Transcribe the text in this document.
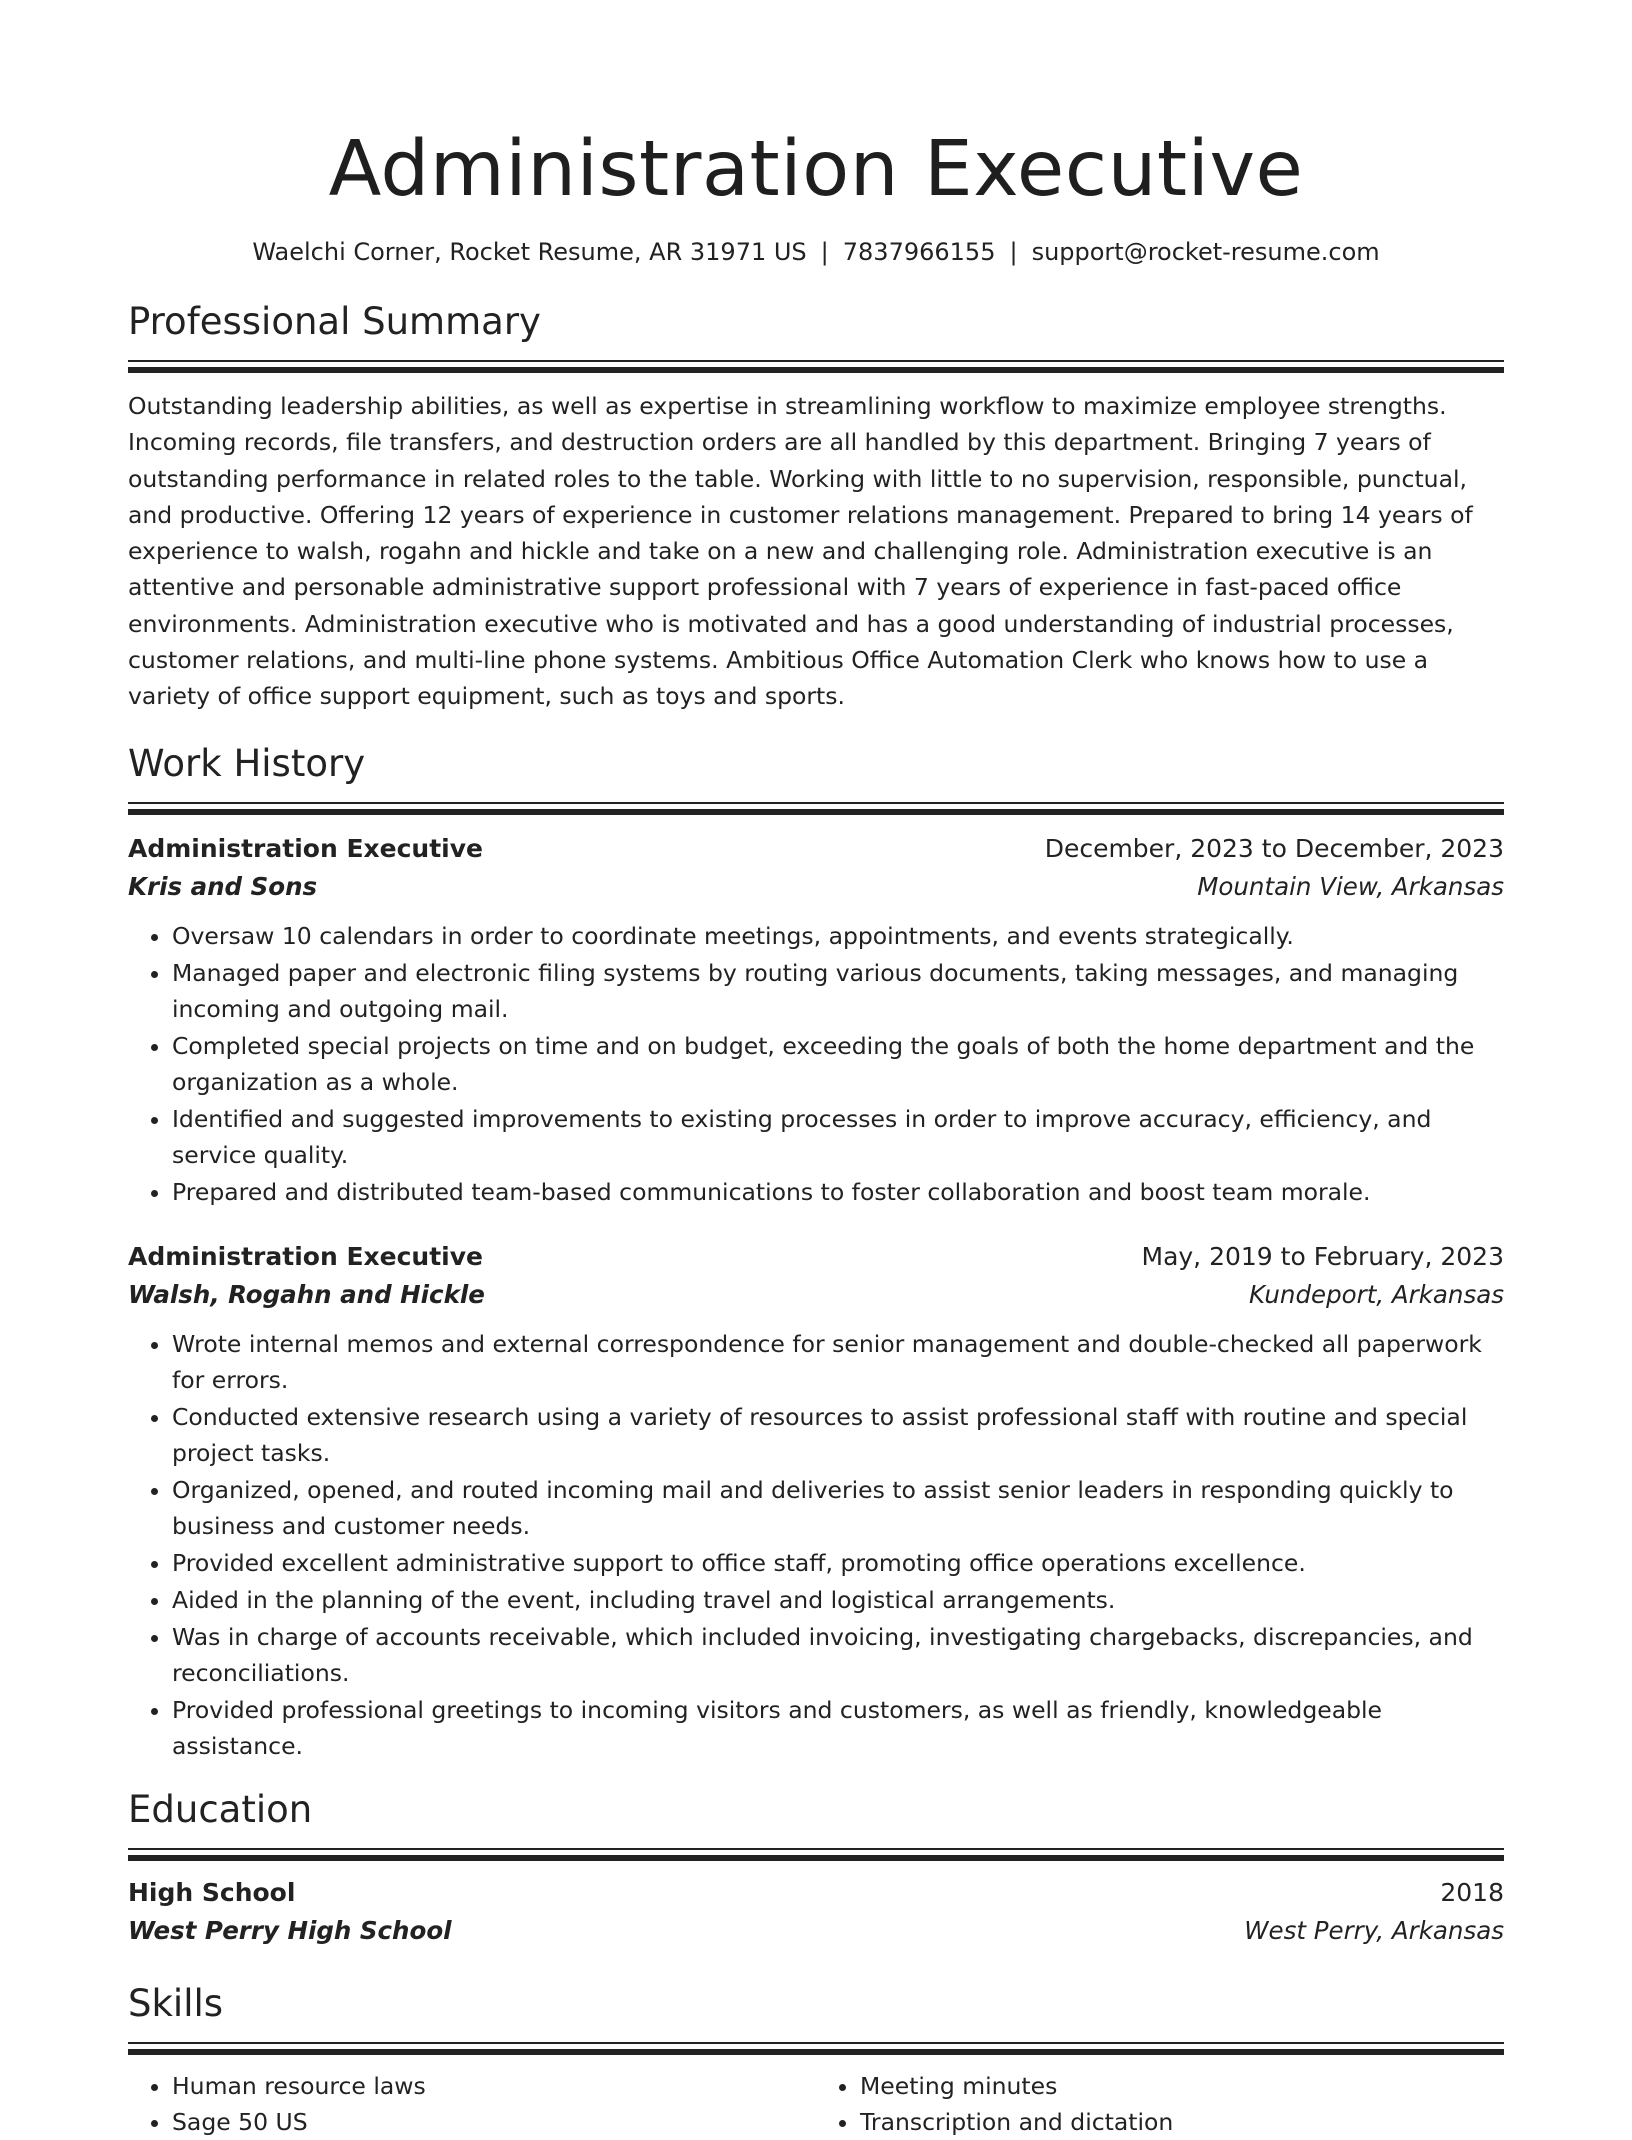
Administration Executive
Waelchi Corner, Rocket Resume, AR 31971 US | 7837966155 | support@rocket-resume.com
Professional Summary
Outstanding leadership abilities, as well as expertise in streamlining workflow to maximize employee strengths. Incoming records, file transfers, and destruction orders are all handled by this department. Bringing 7 years of outstanding performance in related roles to the table. Working with little to no supervision, responsible, punctual, and productive. Offering 12 years of experience in customer relations management. Prepared to bring 14 years of experience to walsh, rogahn and hickle and take on a new and challenging role. Administration executive is an attentive and personable administrative support professional with 7 years of experience in fast-paced office environments. Administration executive who is motivated and has a good understanding of industrial processes, customer relations, and multi-line phone systems. Ambitious Office Automation Clerk who knows how to use a variety of office support equipment, such as toys and sports.
Work History
Administration Executive	December, 2023 to December, 2023
Kris and Sons	Mountain View, Arkansas
• Oversaw 10 calendars in order to coordinate meetings, appointments, and events strategically.
• Managed paper and electronic filing systems by routing various documents, taking messages, and managing incoming and outgoing mail.
• Completed special projects on time and on budget, exceeding the goals of both the home department and the organization as a whole.
• Identified and suggested improvements to existing processes in order to improve accuracy, efficiency, and service quality.
• Prepared and distributed team-based communications to foster collaboration and boost team morale.
Administration Executive	May, 2019 to February, 2023
Walsh, Rogahn and Hickle	Kundeport, Arkansas
• Wrote internal memos and external correspondence for senior management and double-checked all paperwork for errors.
• Conducted extensive research using a variety of resources to assist professional staff with routine and special project tasks.
• Organized, opened, and routed incoming mail and deliveries to assist senior leaders in responding quickly to business and customer needs.
• Provided excellent administrative support to office staff, promoting office operations excellence.
• Aided in the planning of the event, including travel and logistical arrangements.
• Was in charge of accounts receivable, which included invoicing, investigating chargebacks, discrepancies, and reconciliations.
• Provided professional greetings to incoming visitors and customers, as well as friendly, knowledgeable assistance.
Education
High School	2018
West Perry High School	West Perry, Arkansas
Skills
• Human resource laws
• Sage 50 US
• Meeting minutes
• Transcription and dictation
